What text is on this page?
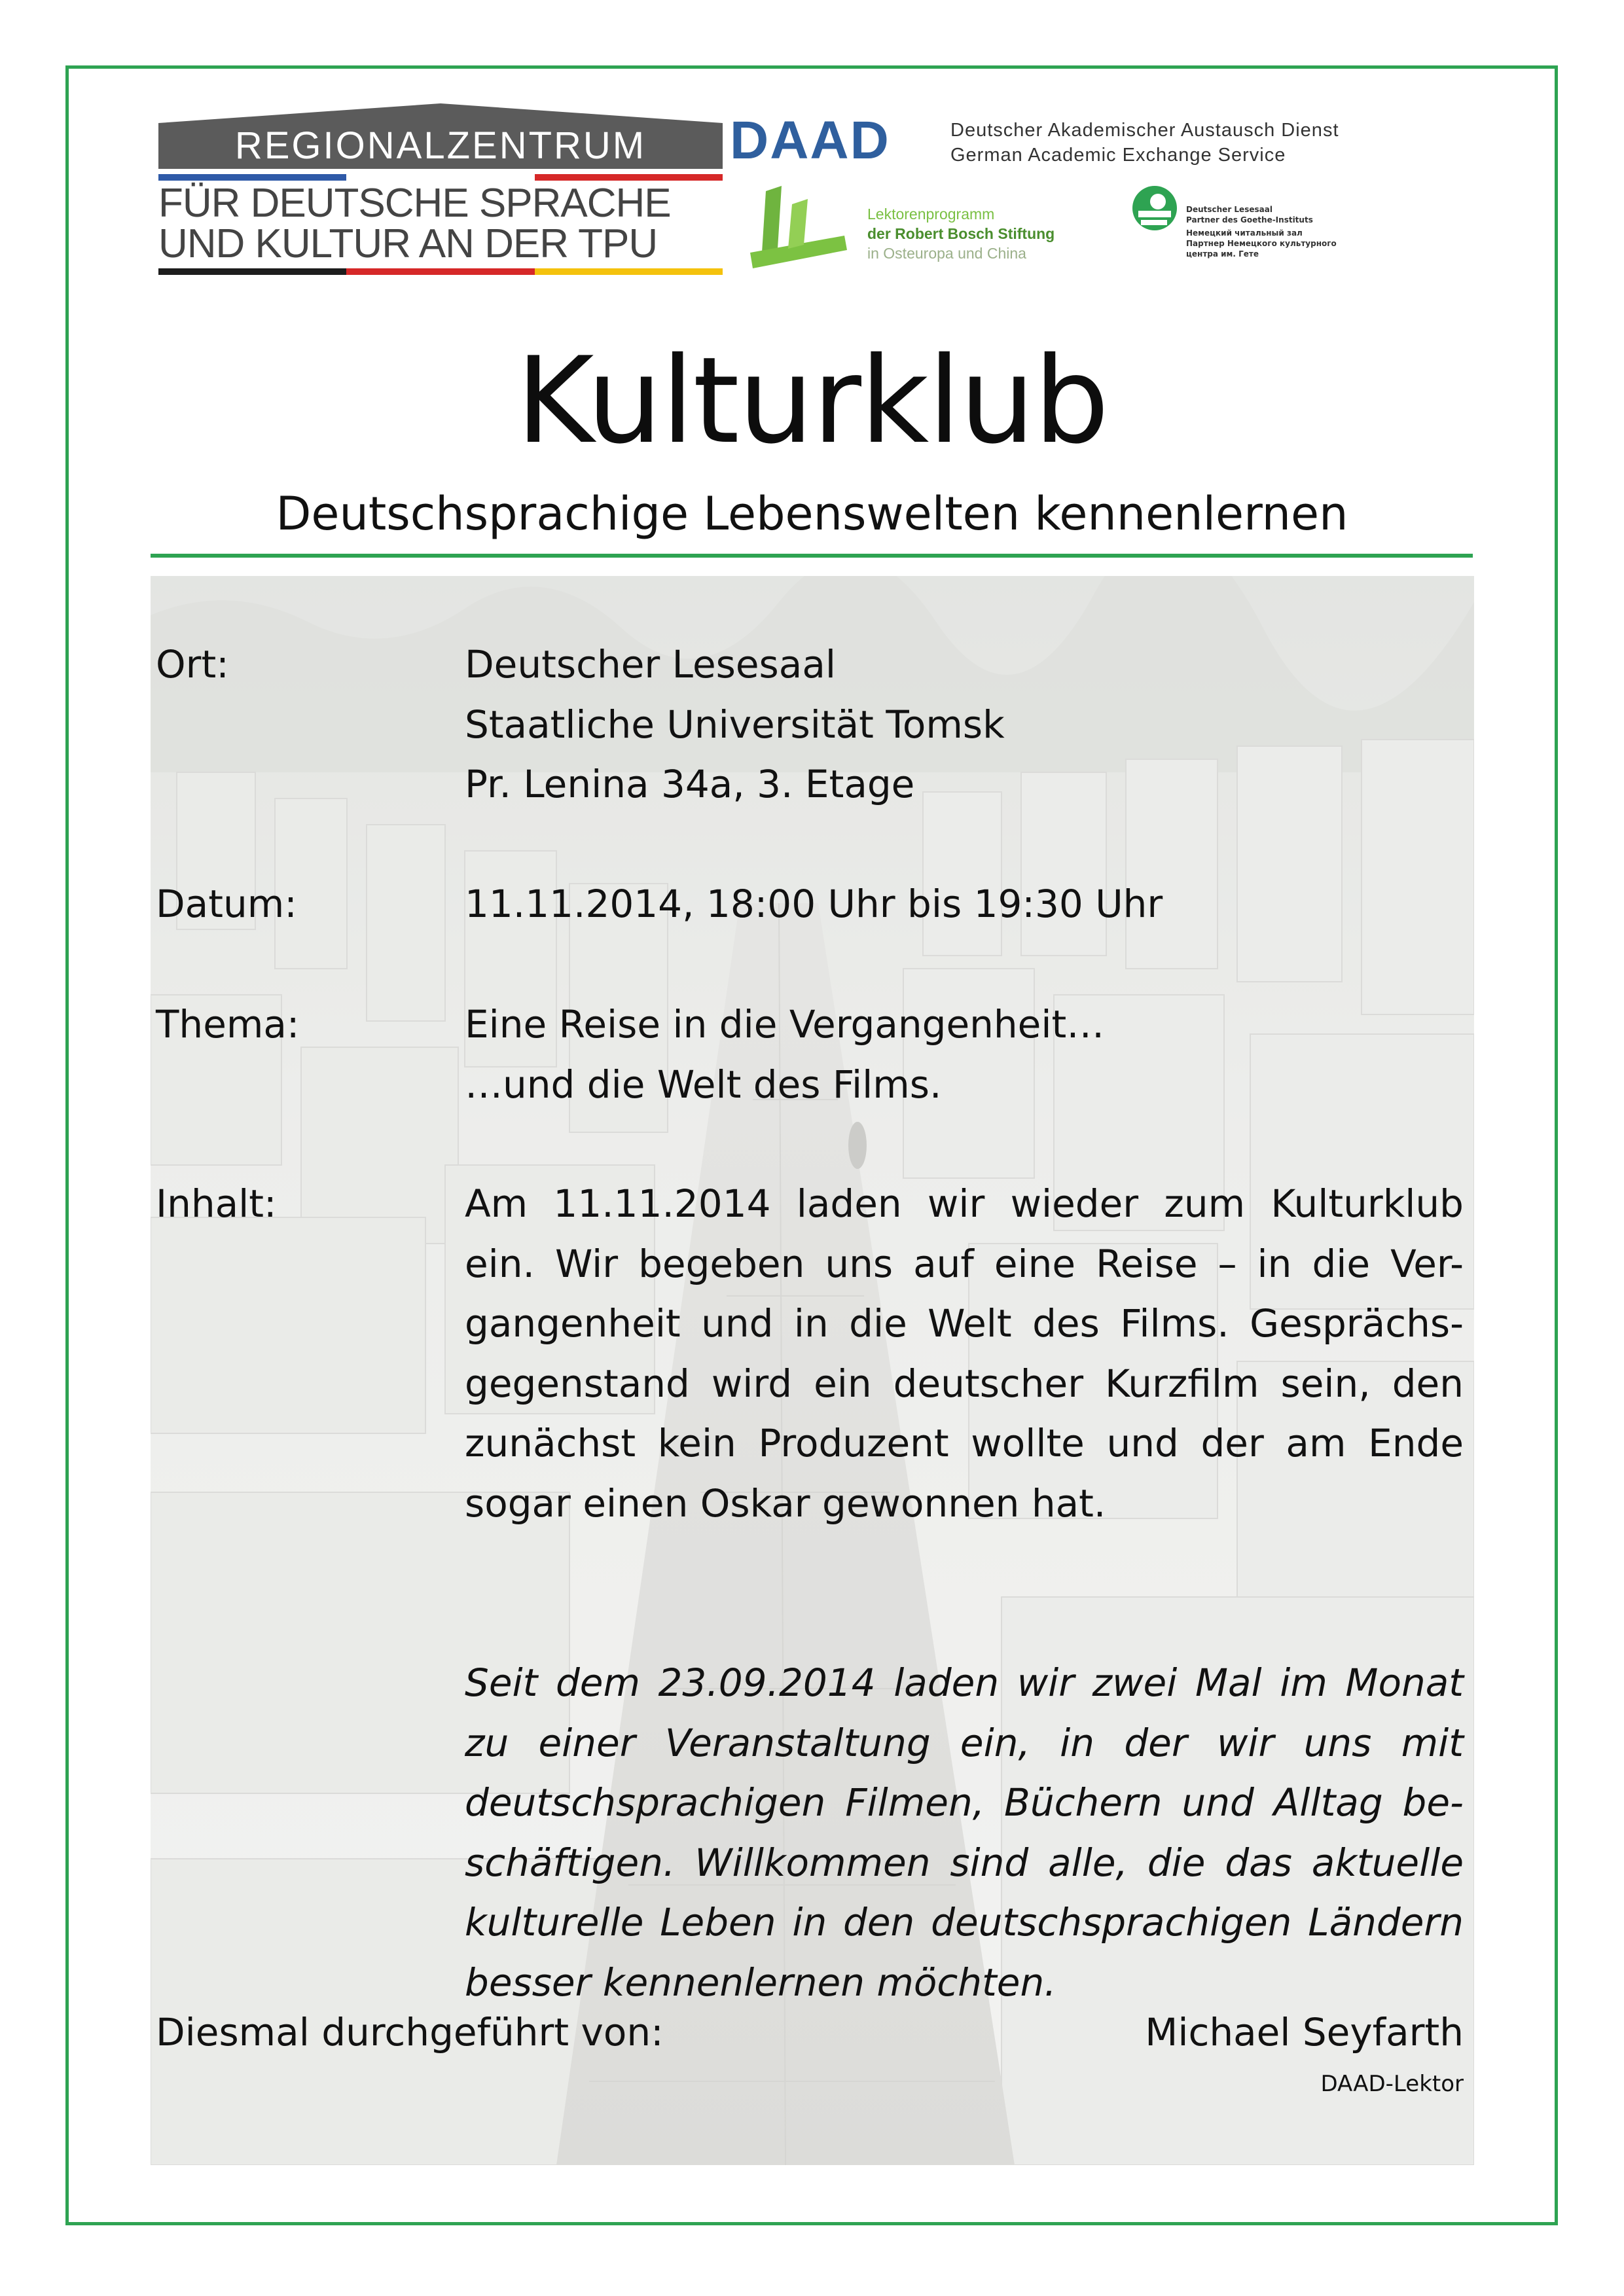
REGIONALZENTRUM
FÜR DEUTSCHE SPRACHE
UND KULTUR AN DER TPU
DAAD	Deutscher Akademischer Austausch Dienst
German Academic Exchange Service
Lektorenprogramm
der Robert Bosch Stiftung
in Osteuropa und China
Deutscher Lesesaal
Partner des Goethe-Instituts
Немецкий читальный зал
Партнер Немецкого культурного
центра им. Гете
Kulturklub
Deutschsprachige Lebenswelten kennenlernen
Ort:	Deutscher Lesesaal
Staatliche Universität Tomsk
Pr. Lenina 34a, 3. Etage
Datum:	11.11.2014, 18:00 Uhr bis 19:30 Uhr
Thema:	Eine Reise in die Vergangenheit…
…und die Welt des Films.
Inhalt:	Am 11.11.2014 laden wir wieder zum Kulturklub
ein. Wir begeben uns auf eine Reise – in die Ver-
gangenheit und in die Welt des Films. Gesprächs-
gegenstand wird ein deutscher Kurzfilm sein, den
zunächst kein Produzent wollte und der am Ende
sogar einen Oskar gewonnen hat.
Seit dem 23.09.2014 laden wir zwei Mal im Monat
zu einer Veranstaltung ein, in der wir uns mit
deutschsprachigen Filmen, Büchern und Alltag be-
schäftigen. Willkommen sind alle, die das aktuelle
kulturelle Leben in den deutschsprachigen Ländern
besser kennenlernen möchten.
Diesmal durchgeführt von:	Michael Seyfarth
DAAD-Lektor
